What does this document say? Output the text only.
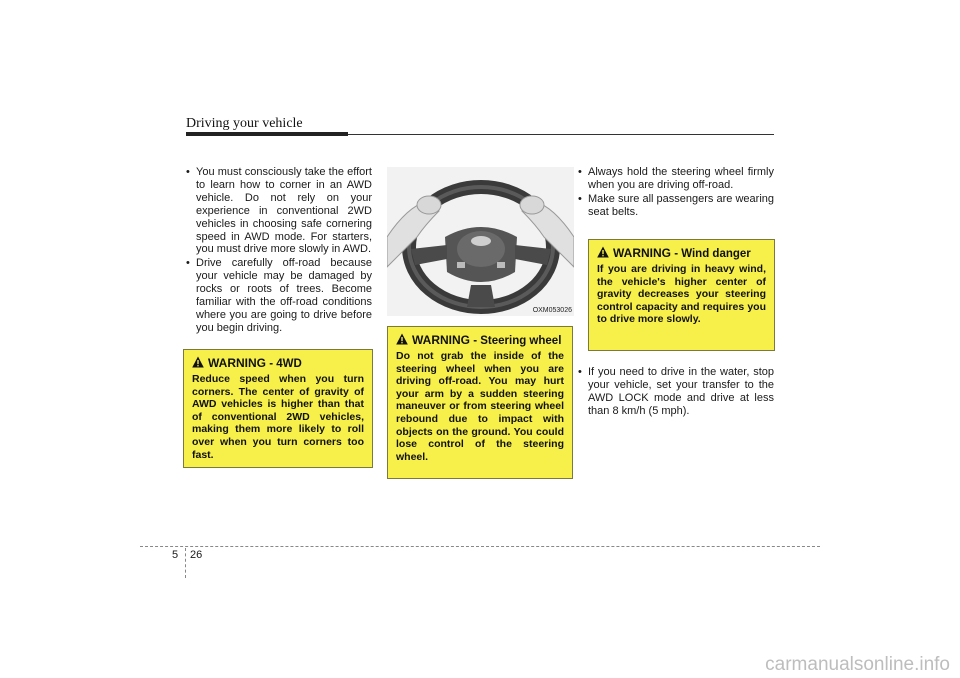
Driving your vehicle
• You must consciously take the effort to learn how to corner in an AWD vehicle. Do not rely on your experience in conventional 2WD vehicles in choosing safe cornering speed in AWD mode. For starters, you must drive more slowly in AWD.
• Drive carefully off-road because your vehicle may be damaged by rocks or roots of trees. Become familiar with the off-road conditions where you are going to drive before you begin driving.
WARNING - 4WD
Reduce speed when you turn corners. The center of gravity of AWD vehicles is higher than that of conventional 2WD vehicles, making them more likely to roll over when you turn corners too fast.
OXM053026
WARNING - Steering wheel
Do not grab the inside of the steering wheel when you are driving off-road. You may hurt your arm by a sudden steering maneuver or from steering wheel rebound due to impact with objects on the ground. You could lose control of the steering wheel.
• Always hold the steering wheel firmly when you are driving off-road.
• Make sure all passengers are wearing seat belts.
WARNING - Wind danger
If you are driving in heavy wind, the vehicle's higher center of gravity decreases your steering control capacity and requires you to drive more slowly.
• If you need to drive in the water, stop your vehicle, set your transfer to the AWD LOCK mode and drive at less than 8 km/h (5 mph).
5 26
carmanualsonline.info
